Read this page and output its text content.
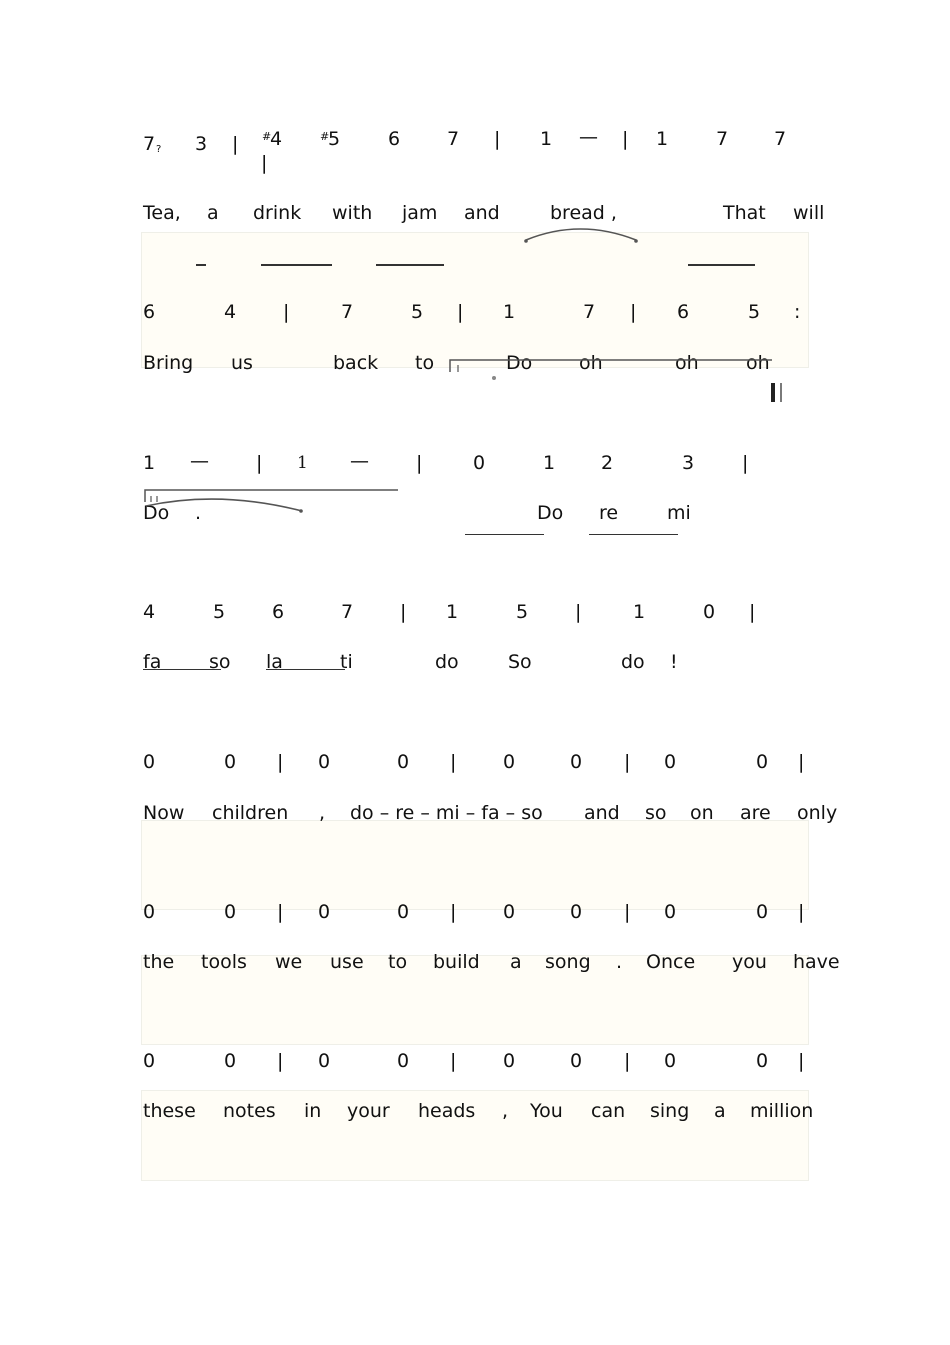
7 ? 3 | #
4	#
5	6 7 | 1 — | 1	7 7
|
Tea, a drink with jam and	bread ,	That will
6	4 |	7	5 | 1	7 | 6	5 :
Bring us	back to	Do oh	oh oh
1 — | 1 — |	0	1 2	3	|
Do .	Do re	mi
4	5 6	7 | 1	5 |	1	0 |
fa	so la	ti	do	So	do !
0	0 | 0	0 | 0	0 | 0	0 |
Now children , do – re – mi – fa – so and so on are only
0	0 | 0	0 | 0	0 | 0	0 |
the tools we use to build a song . Once you have
0	0 | 0	0 | 0	0 | 0	0 |
these notes in your heads , You can sing a million
